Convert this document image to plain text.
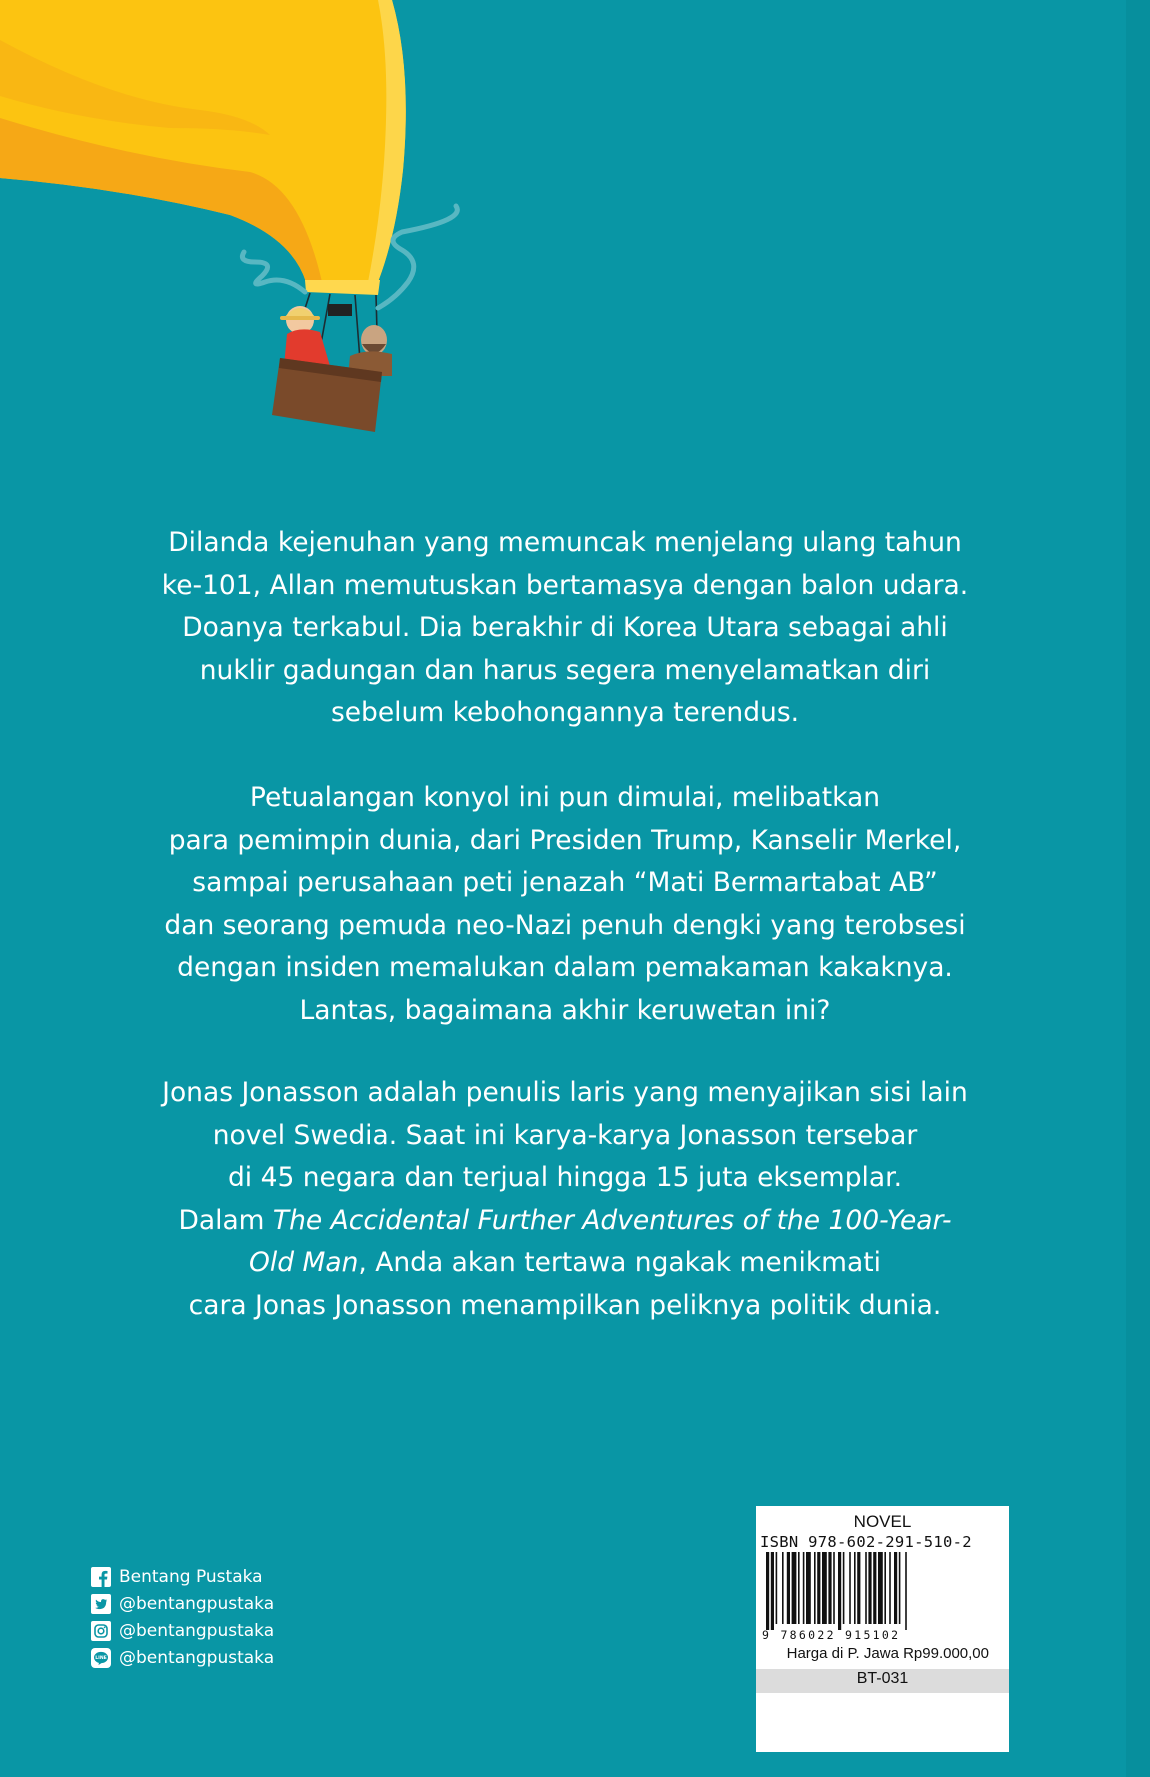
Dilanda kejenuhan yang memuncak menjelang ulang tahun
ke-101, Allan memutuskan bertamasya dengan balon udara.
Doanya terkabul. Dia berakhir di Korea Utara sebagai ahli
nuklir gadungan dan harus segera menyelamatkan diri
sebelum kebohongannya terendus.
Petualangan konyol ini pun dimulai, melibatkan
para pemimpin dunia, dari Presiden Trump, Kanselir Merkel,
sampai perusahaan peti jenazah “Mati Bermartabat AB”
dan seorang pemuda neo-Nazi penuh dengki yang terobsesi
dengan insiden memalukan dalam pemakaman kakaknya.
Lantas, bagaimana akhir keruwetan ini?
Jonas Jonasson adalah penulis laris yang menyajikan sisi lain
novel Swedia. Saat ini karya-karya Jonasson tersebar
di 45 negara dan terjual hingga 15 juta eksemplar.
Dalam The Accidental Further Adventures of the 100-Year-
Old Man, Anda akan tertawa ngakak menikmati
cara Jonas Jonasson menampilkan peliknya politik dunia.
Bentang Pustaka
@bentangpustaka
@bentangpustaka
LINE @bentangpustaka
NOVEL
ISBN 978-602-291-510-2
9 786022 915102
Harga di P. Jawa Rp99.000,00
BT-031
